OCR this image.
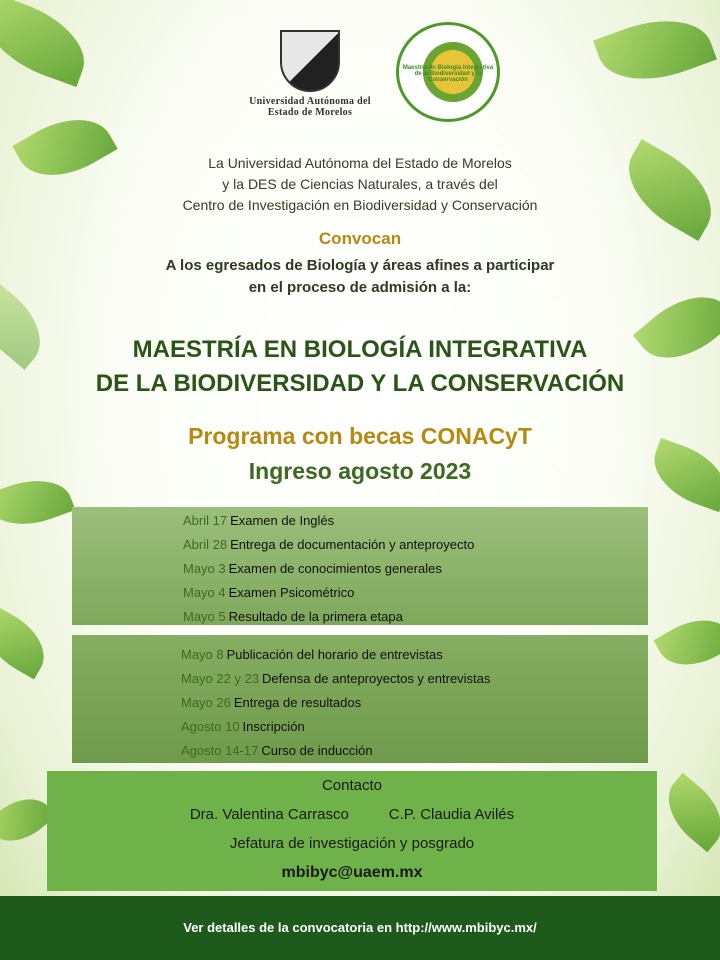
Universidad Autónoma del Estado de Morelos
Maestría en Biología Integrativa de la Biodiversidad y la Conservación
La Universidad Autónoma del Estado de Morelos
y la DES de Ciencias Naturales, a través del
Centro de Investigación en Biodiversidad y Conservación
Convocan
A los egresados de Biología y áreas afines a participar
en el proceso de admisión a la:
MAESTRÍA EN BIOLOGÍA INTEGRATIVA
DE LA BIODIVERSIDAD Y LA CONSERVACIÓN
Programa con becas CONACyT
Ingreso agosto 2023
Abril 17 Examen de Inglés
Abril 28 Entrega de documentación y anteproyecto
Mayo 3 Examen de conocimientos generales
Mayo 4 Examen Psicométrico
Mayo 5 Resultado de la primera etapa
Mayo 8 Publicación del horario de entrevistas
Mayo 22 y 23 Defensa de anteproyectos y entrevistas
Mayo 26 Entrega de resultados
Agosto 10 Inscripción
Agosto 14-17 Curso de inducción
Contacto
Dra. Valentina Carrasco	C.P. Claudia Avilés
Jefatura de investigación y posgrado
mbibyc@uaem.mx
Ver detalles de la convocatoria en http://www.mbibyc.mx/
